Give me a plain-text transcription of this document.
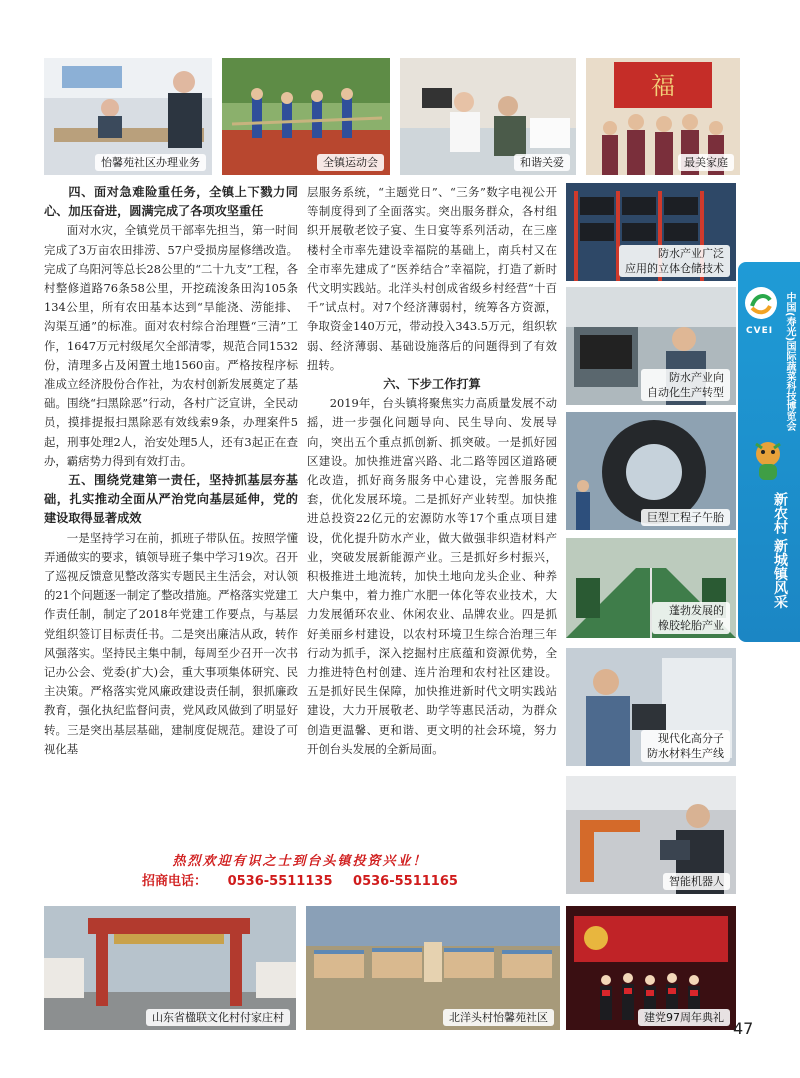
怡馨苑社区办理业务	全镇运动会	和谐关爱
福
最美家庭
四、面对急难险重任务，全镇上下戮力同心、加压奋进，圆满完成了各项攻坚重任

面对水灾，全镇党员干部率先担当，第一时间完成了3万亩农田排涝、57户受损房屋修缮改造。完成了乌阳河等总长28公里的“二十九支”工程，各村整修道路76条58公里，开挖疏浚条田沟105条134公里，所有农田基本达到“旱能浇、涝能排、沟渠互通”的标准。面对农村综合治理暨“三清”工作，1647万元村级尾欠全部清零，规范合同1532份，清理多占及闲置土地1560亩。严格按程序标准成立经济股份合作社，为农村创新发展奠定了基础。围绕“扫黑除恶”行动，各村广泛宣讲，全民动员，摸排提报扫黑除恶有效线索9条，办理案件5起，刑事处理2人，治安处理5人，还有3起正在查办，霸痞势力得到有效打击。

五、围绕党建第一责任，坚持抓基层夯基础，扎实推动全面从严治党向基层延伸，党的建设取得显著成效

一是坚持学习在前，抓班子带队伍。按照学懂弄通做实的要求，镇领导班子集中学习19次。召开了巡视反馈意见整改落实专题民主生活会，对认领的21个问题逐一制定了整改措施。严格落实党建工作责任制，制定了2018年党建工作要点，与基层党组织签订目标责任书。二是突出廉洁从政，转作风强落实。坚持民主集中制，每周至少召开一次书记办公会、党委(扩大)会，重大事项集体研究、民主决策。严格落实党风廉政建设责任制，狠抓廉政教育，强化执纪监督问责，党风政风做到了明显好转。三是突出基层基础，建制度促规范。建设了可视化基

层服务系统，“主题党日”、“三务”数字电视公开等制度得到了全面落实。突出服务群众，各村组织开展敬老饺子宴、生日宴等系列活动，在三座楼村全市率先建设幸福院的基础上，南兵村又在全市率先建成了“医养结合”幸福院，打造了新时代文明实践站。北洋头村创成省级乡村经营“十百千”试点村。对7个经济薄弱村，统筹各方资源，争取资金140万元，带动投入343.5万元，组织软弱、经济薄弱、基础设施落后的问题得到了有效扭转。

六、下步工作打算

2019年，台头镇将聚焦实力高质量发展不动摇，进一步强化问题导向、民生导向、发展导向，突出五个重点抓创新、抓突破。一是抓好园区建设。加快推进富兴路、北二路等园区道路硬化改造，抓好商务服务中心建设，完善服务配套，优化发展环境。二是抓好产业转型。加快推进总投资22亿元的宏源防水等17个重点项目建设，优化提升防水产业，做大做强非织造材料产业，突破发展新能源产业。三是抓好乡村振兴，积极推进土地流转，加快土地向龙头企业、种养大户集中，着力推广水肥一体化等农业技术，大力发展循环农业、休闲农业、品牌农业。四是抓好美丽乡村建设，以农村环境卫生综合治理三年行动为抓手，深入挖掘村庄底蕴和资源优势，全力推进特色村创建、连片治理和农村社区建设。五是抓好民生保障，加快推进新时代文明实践站建设，大力开展敬老、助学等惠民活动，为群众创造更温馨、更和谐、更文明的社会环境，努力开创台头发展的全新局面。

防水产业广泛
应用的立体仓储技术
防水产业向
自动化生产转型
巨型工程子午胎
蓬勃发展的
橡胶轮胎产业
现代化高分子
防水材料生产线
智能机器人
热烈欢迎有识之士到台头镇投资兴业！
招商电话： 0536-5511135 0536-5511165
山东省楹联文化村付家庄村	北洋头村怡馨苑社区	建党97周年典礼
CVEI	中国(寿光)国际蔬菜科技博览会
新农村 新城镇风采
47
